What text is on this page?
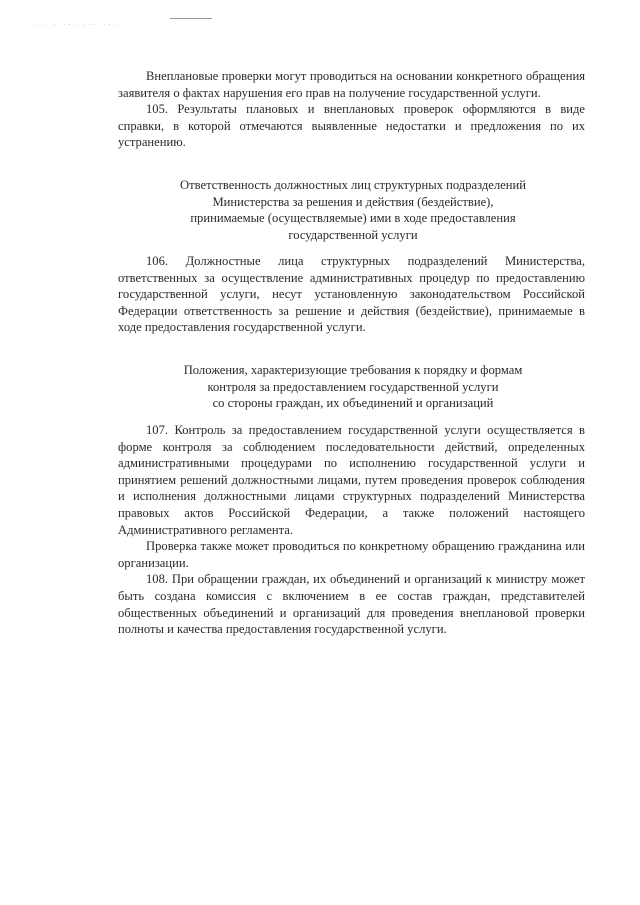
. . . ... ... ...

Внеплановые проверки могут проводиться на основании конкретного обращения заявителя о фактах нарушения его прав на получение государственной услуги.

105. Результаты плановых и внеплановых проверок оформляются в виде справки, в которой отмечаются выявленные недостатки и предложения по их устранению.

Ответственность должностных лиц структурных подразделений
Министерства за решения и действия (бездействие),
принимаемые (осуществляемые) ими в ходе предоставления
государственной услуги

106. Должностные лица структурных подразделений Министерства, ответственных за осуществление административных процедур по предоставлению государственной услуги, несут установленную законодательством Российской Федерации ответственность за решение и действия (бездействие), принимаемые в ходе предоставления государственной услуги.

Положения, характеризующие требования к порядку и формам
контроля за предоставлением государственной услуги
со стороны граждан, их объединений и организаций

107. Контроль за предоставлением государственной услуги осуществляется в форме контроля за соблюдением последовательности действий, определенных административными процедурами по исполнению государственной услуги и принятием решений должностными лицами, путем проведения проверок соблюдения и исполнения должностными лицами структурных подразделений Министерства правовых актов Российской Федерации, а также положений настоящего Административного регламента.

Проверка также может проводиться по конкретному обращению гражданина или организации.

108. При обращении граждан, их объединений и организаций к министру может быть создана комиссия с включением в ее состав граждан, представителей общественных объединений и организаций для проведения внеплановой проверки полноты и качества предоставления государственной услуги.
